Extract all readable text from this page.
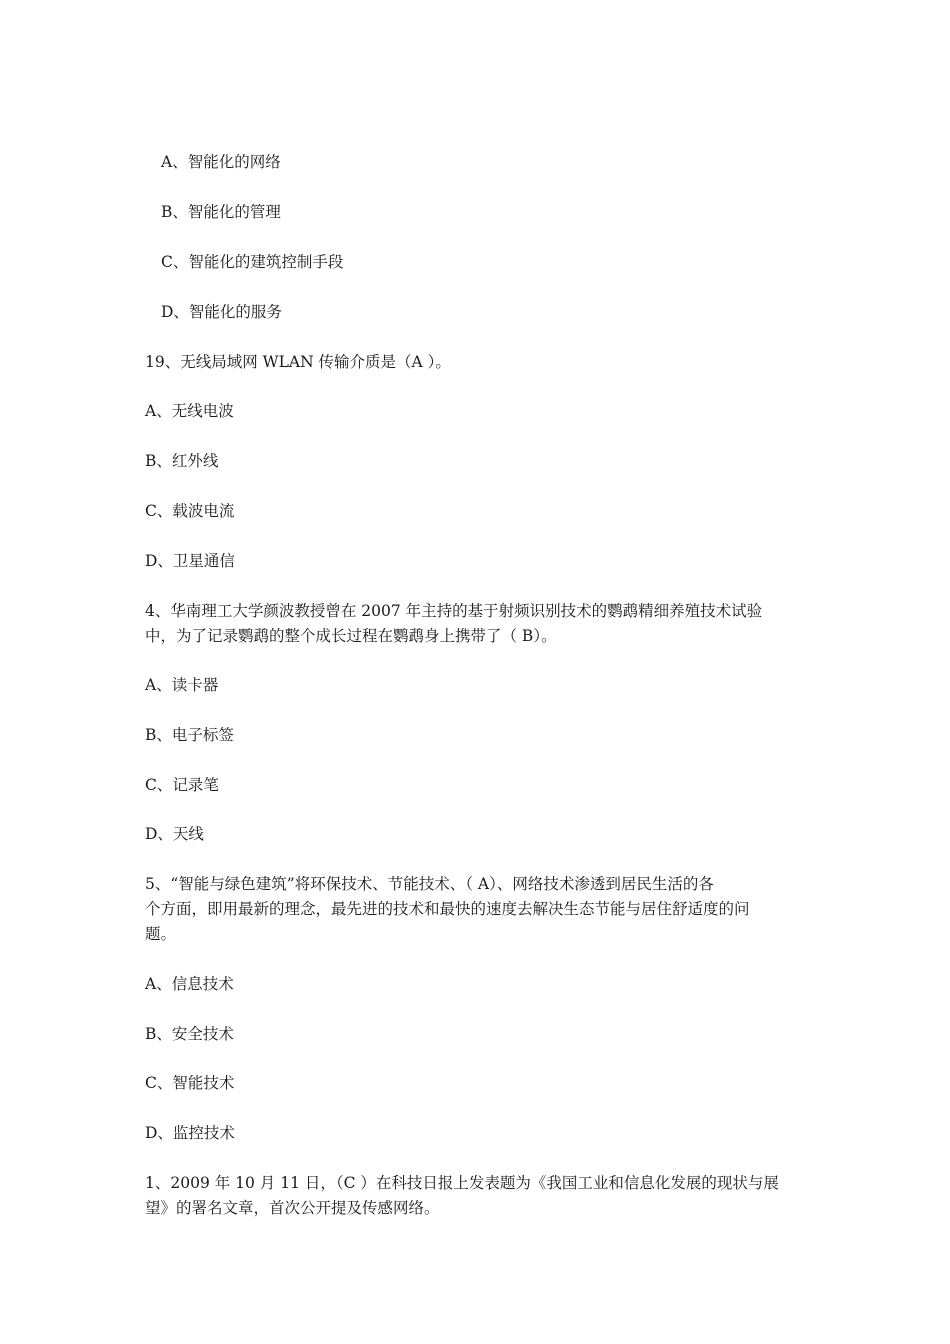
A、智能化的网络
B、智能化的管理
C、智能化的建筑控制手段
D、智能化的服务
19、无线局域网 WLAN 传输介质是（A ）。
A、无线电波
B、红外线
C、载波电流
D、卫星通信
4、华南理工大学颜波教授曾在 2007 年主持的基于射频识别技术的鹦鹉精细养殖技术试验
中，为了记录鹦鹉的整个成长过程在鹦鹉身上携带了（ B）。
A、读卡器
B、电子标签
C、记录笔
D、天线
5、“智能与绿色建筑”将环保技术、节能技术、（ A）、网络技术渗透到居民生活的各
个方面，即用最新的理念，最先进的技术和最快的速度去解决生态节能与居住舒适度的问
题。
A、信息技术
B、安全技术
C、智能技术
D、监控技术
1、2009 年 10 月 11 日，（C ）在科技日报上发表题为《我国工业和信息化发展的现状与展
望》的署名文章，首次公开提及传感网络。
